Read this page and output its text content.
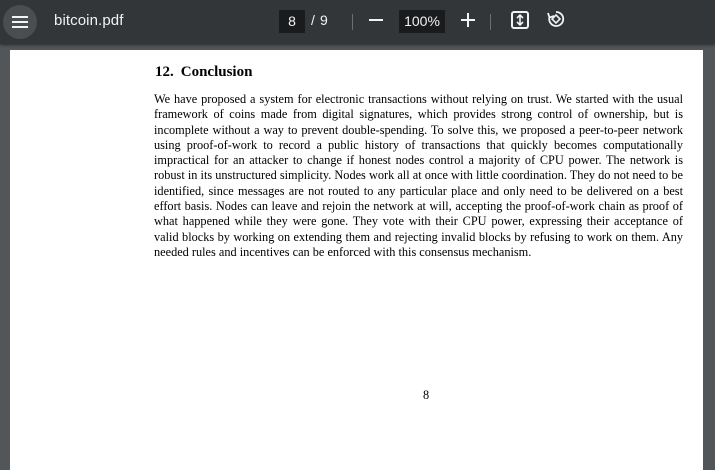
bitcoin.pdf	8	/ 9	100%
12. Conclusion
We have proposed a system for electronic transactions without relying on trust. We started with the usual framework of coins made from digital signatures, which provides strong control of ownership, but is incomplete without a way to prevent double-spending. To solve this, we proposed a peer-to-peer network using proof-of-work to record a public history of transactions that quickly becomes computationally impractical for an attacker to change if honest nodes control a majority of CPU power. The network is robust in its unstructured simplicity. Nodes work all at once with little coordination. They do not need to be identified, since messages are not routed to any particular place and only need to be delivered on a best effort basis. Nodes can leave and rejoin the network at will, accepting the proof-of-work chain as proof of what happened while they were gone. They vote with their CPU power, expressing their acceptance of valid blocks by working on extending them and rejecting invalid blocks by refusing to work on them. Any needed rules and incentives can be enforced with this consensus mechanism.
8
